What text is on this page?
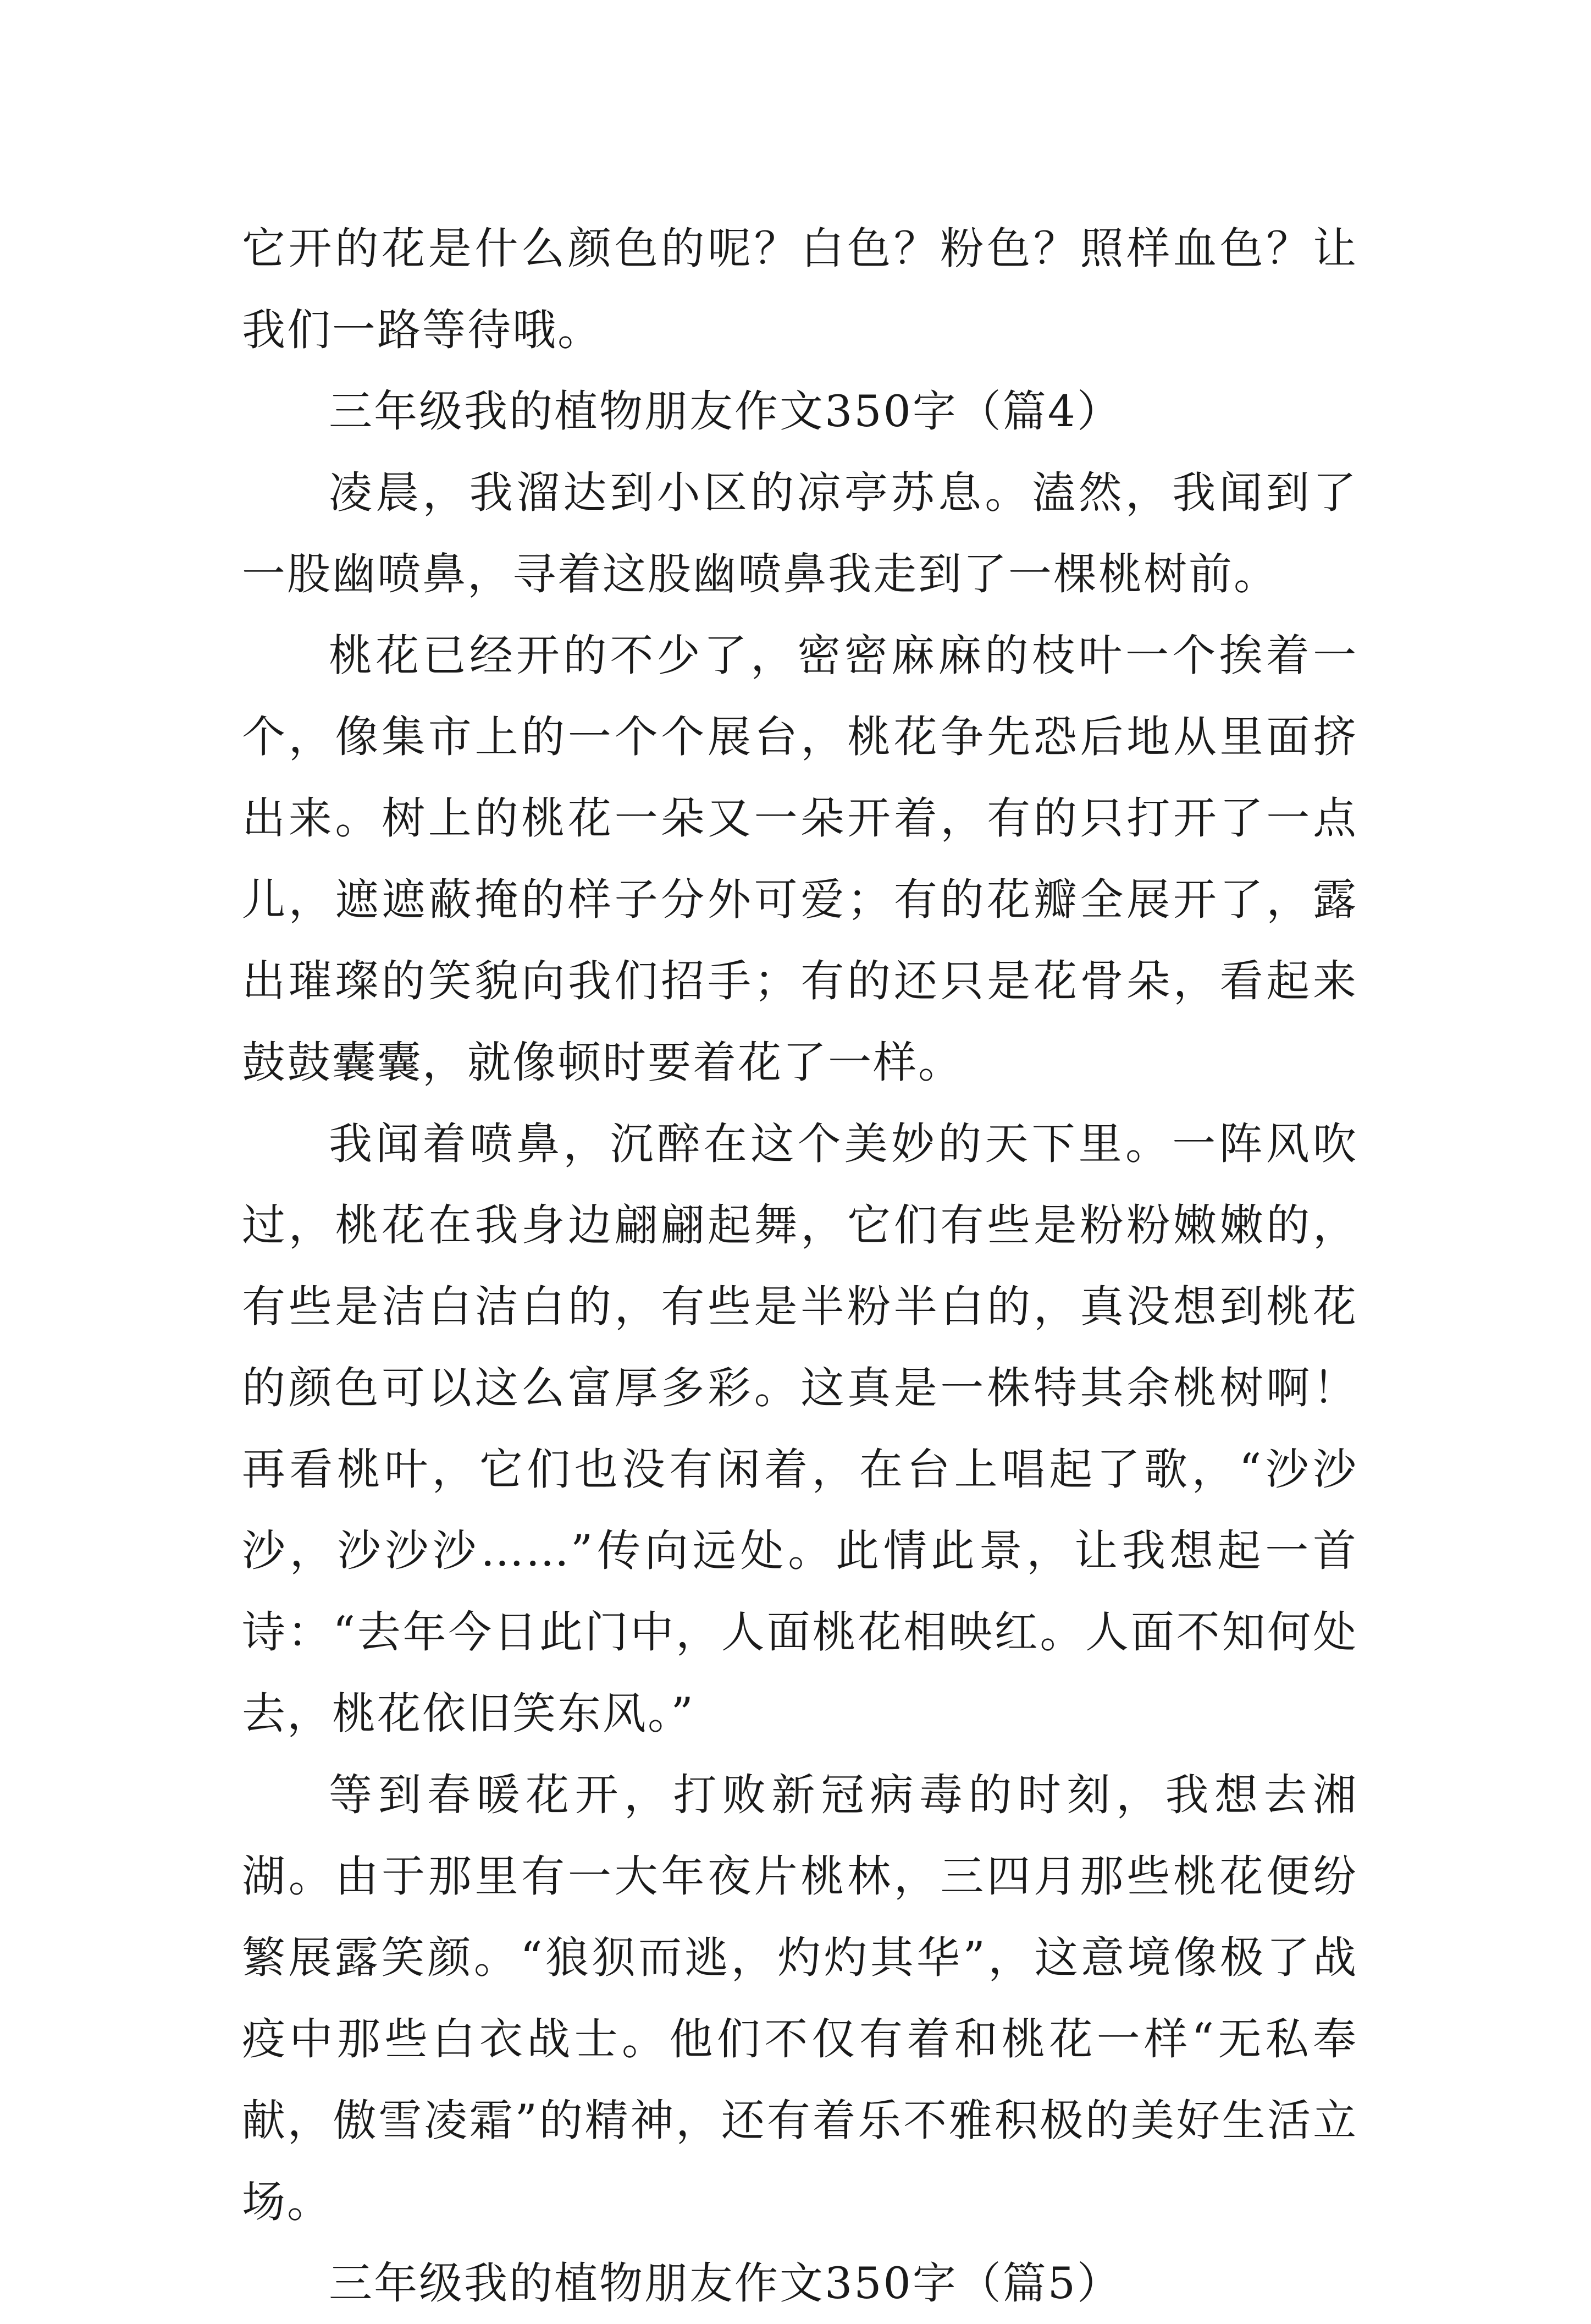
它开的花是什么颜色的呢？白色？粉色？照样血色？让我们一路等待哦。

三年级我的植物朋友作文350字（篇4）

凌晨，我溜达到小区的凉亭苏息。溘然，我闻到了一股幽喷鼻，寻着这股幽喷鼻我走到了一棵桃树前。

桃花已经开的不少了，密密麻麻的枝叶一个挨着一个，像集市上的一个个展台，桃花争先恐后地从里面挤出来。树上的桃花一朵又一朵开着，有的只打开了一点儿，遮遮蔽掩的样子分外可爱；有的花瓣全展开了，露出璀璨的笑貌向我们招手；有的还只是花骨朵，看起来鼓鼓囊囊，就像顿时要着花了一样。

我闻着喷鼻，沉醉在这个美妙的天下里。一阵风吹过，桃花在我身边翩翩起舞，它们有些是粉粉嫩嫩的，有些是洁白洁白的，有些是半粉半白的，真没想到桃花的颜色可以这么富厚多彩。这真是一株特其余桃树啊！再看桃叶，它们也没有闲着，在台上唱起了歌，“沙沙沙，沙沙沙……”传向远处。此情此景，让我想起一首诗：“去年今日此门中，人面桃花相映红。人面不知何处去，桃花依旧笑东风。”

等到春暖花开，打败新冠病毒的时刻，我想去湘湖。由于那里有一大年夜片桃林，三四月那些桃花便纷繁展露笑颜。“狼狈而逃，灼灼其华”，这意境像极了战疫中那些白衣战士。他们不仅有着和桃花一样“无私奉献，傲雪凌霜”的精神，还有着乐不雅积极的美好生活立场。

三年级我的植物朋友作文350字（篇5）
